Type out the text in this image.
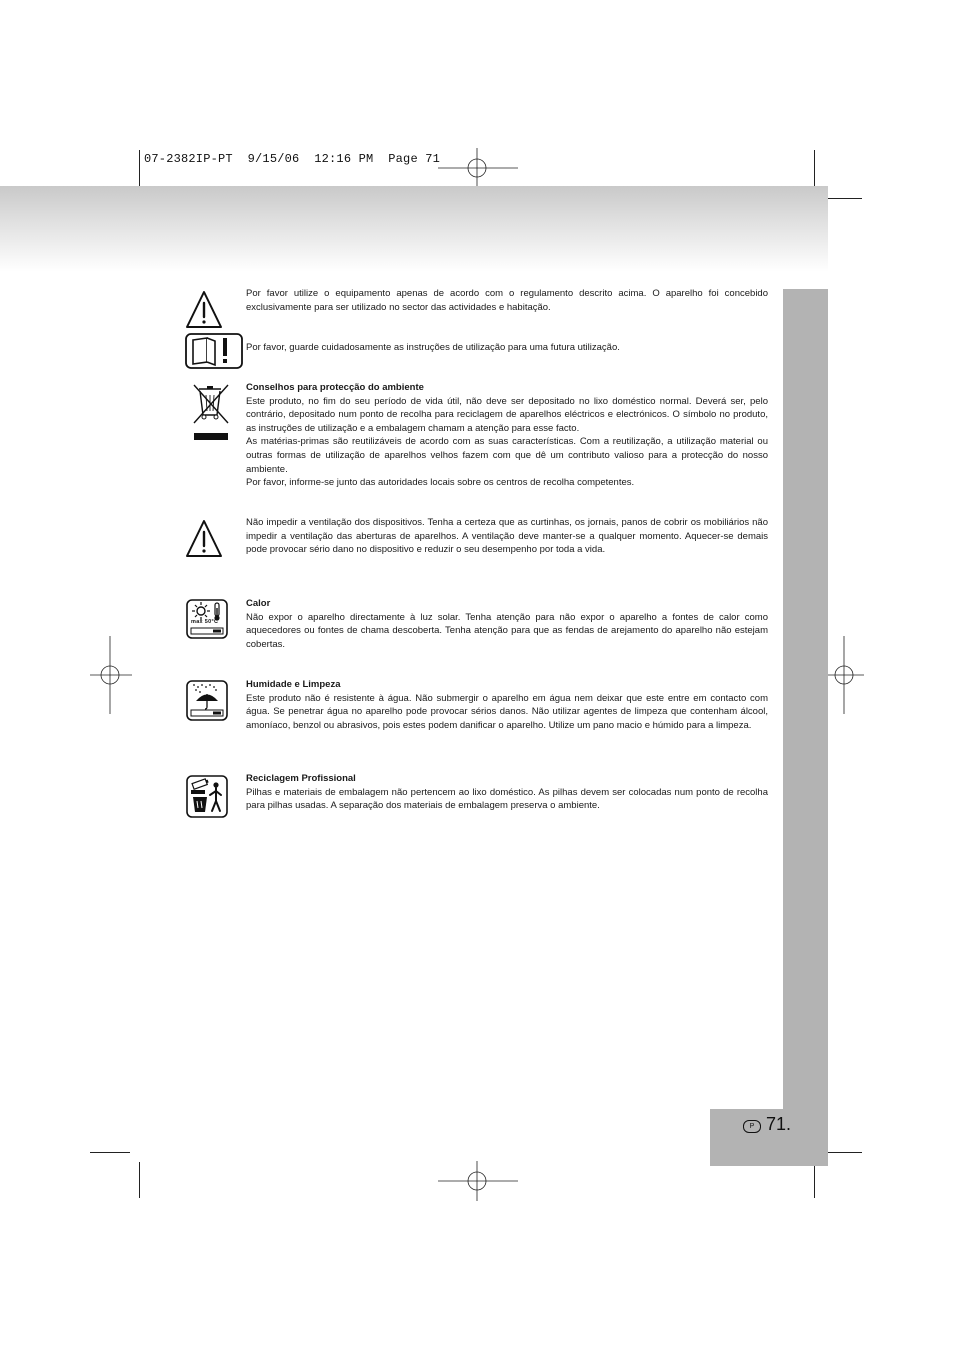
07-2382IP-PT  9/15/06  12:16 PM  Page 71
P 71.
max 50°C

Por favor utilize o equipamento apenas de acordo com o regulamento descrito acima. O aparelho foi concebido exclusivamente para ser utilizado no sector das actividades e habitação.

Por favor, guarde cuidadosamente as instruções de utilização para uma futura utilização.

Conselhos para protecção do ambiente

Este produto, no fim do seu período de vida útil, não deve ser depositado no lixo doméstico normal. Deverá ser, pelo contrário, depositado num ponto de recolha para reciclagem de aparelhos eléctricos e electrónicos. O símbolo no produto, as instruções de utilização e a embalagem chamam a atenção para esse facto.

As matérias-primas são reutilizáveis de acordo com as suas características. Com a reutilização, a utilização material ou outras formas de utilização de aparelhos velhos fazem com que dê um contributo valioso para a protecção do nosso ambiente.

Por favor, informe-se junto das autoridades locais sobre os centros de recolha competentes.

Não impedir a ventilação dos dispositivos. Tenha a certeza que as curtinhas, os jornais, panos de cobrir os mobiliários não impedir a ventilação das aberturas de aparelhos. A ventilação deve manter-se a qualquer momento. Aquecer-se demais pode provocar sério dano no dispositivo e reduzir o seu desempenho por toda a vida.

Calor

Não expor o aparelho directamente à luz solar. Tenha atenção para não expor o aparelho a fontes de calor como aquecedores ou fontes de chama descoberta. Tenha atenção para que as fendas de arejamento do aparelho não estejam cobertas.

Humidade e Limpeza

Este produto não é resistente à água. Não submergir o aparelho em água nem deixar que este entre em contacto com água. Se penetrar água no aparelho pode provocar sérios danos. Não utilizar agentes de limpeza que contenham álcool, amoníaco, benzol ou abrasivos, pois estes podem danificar o aparelho. Utilize um pano macio e húmido para a limpeza.

Reciclagem Profissional

Pilhas e materiais de embalagem não pertencem ao lixo doméstico. As pilhas devem ser colocadas num ponto de recolha para pilhas usadas. A separação dos materiais de embalagem preserva o ambiente.
